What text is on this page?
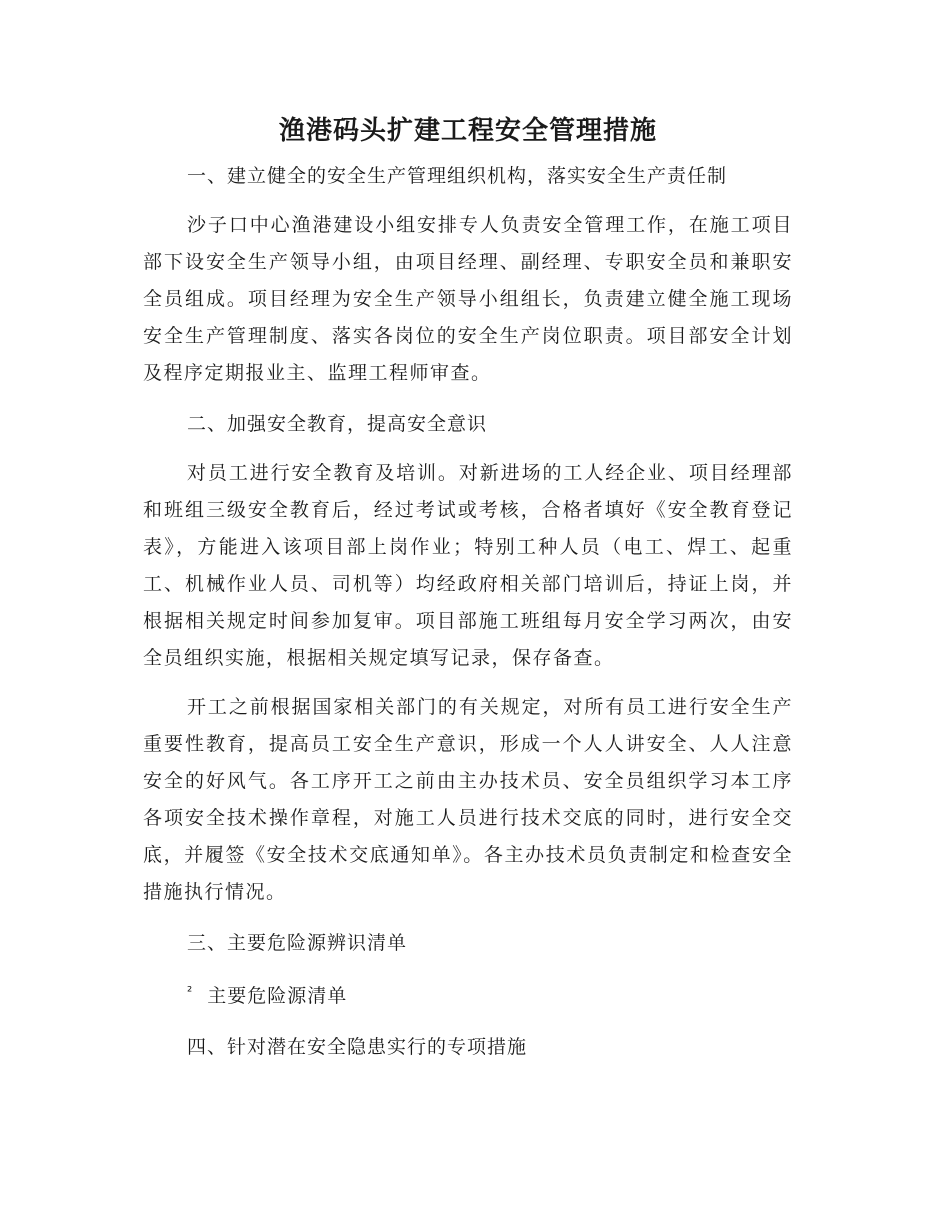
渔港码头扩建工程安全管理措施

一、建立健全的安全生产管理组织机构，落实安全生产责任制

沙子口中心渔港建设小组安排专人负责安全管理工作，在施工项目部下设安全生产领导小组，由项目经理、副经理、专职安全员和兼职安全员组成。项目经理为安全生产领导小组组长，负责建立健全施工现场安全生产管理制度、落实各岗位的安全生产岗位职责。项目部安全计划及程序定期报业主、监理工程师审查。

二、加强安全教育，提高安全意识

对员工进行安全教育及培训。对新进场的工人经企业、项目经理部和班组三级安全教育后，经过考试或考核，合格者填好《安全教育登记表》，方能进入该项目部上岗作业；特别工种人员（电工、焊工、起重工、机械作业人员、司机等）均经政府相关部门培训后，持证上岗，并根据相关规定时间参加复审。项目部施工班组每月安全学习两次，由安全员组织实施，根据相关规定填写记录，保存备查。

开工之前根据国家相关部门的有关规定，对所有员工进行安全生产重要性教育，提高员工安全生产意识，形成一个人人讲安全、人人注意安全的好风气。各工序开工之前由主办技术员、安全员组织学习本工序各项安全技术操作章程，对施工人员进行技术交底的同时，进行安全交底，并履签《安全技术交底通知单》。各主办技术员负责制定和检查安全措施执行情况。

三、主要危险源辨识清单

$^{^2}$ 主要危险源清单

四、针对潜在安全隐患实行的专项措施
